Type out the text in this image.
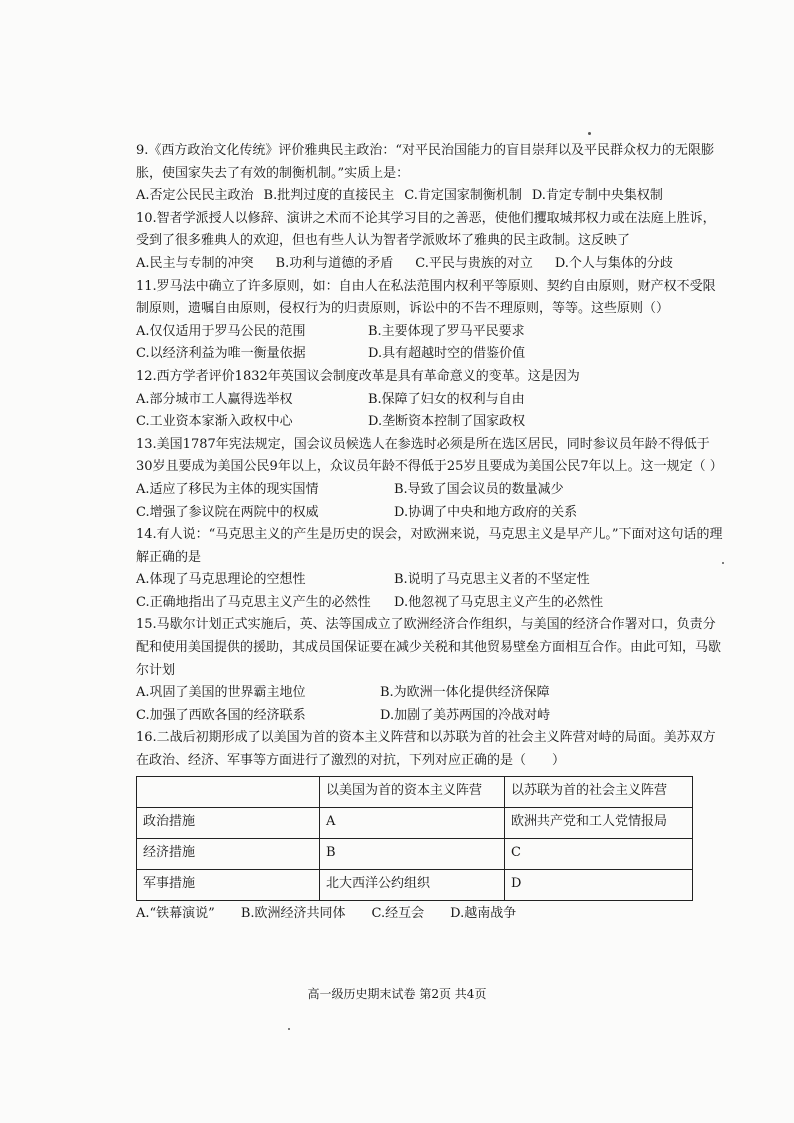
9.《西方政治文化传统》评价雅典民主政治：“对平民治国能力的盲目崇拜以及平民群众权力的无限膨胀，使国家失去了有效的制衡机制。”实质上是：

A.否定公民民主政治 B.批判过度的直接民主 C.肯定国家制衡机制 D.肯定专制中央集权制

10.智者学派授人以修辞、演讲之术而不论其学习目的之善恶，使他们攫取城邦权力或在法庭上胜诉，受到了很多雅典人的欢迎，但也有些人认为智者学派败坏了雅典的民主政制。这反映了

A.民主与专制的冲突 B.功利与道德的矛盾 C.平民与贵族的对立 D.个人与集体的分歧

11.罗马法中确立了许多原则，如：自由人在私法范围内权利平等原则、契约自由原则，财产权不受限制原则，遗嘱自由原则，侵权行为的归责原则，诉讼中的不告不理原则，等等。这些原则（）

A.仅仅适用于罗马公民的范围	B.主要体现了罗马平民要求
C.以经济利益为唯一衡量依据	D.具有超越时空的借鉴价值

12.西方学者评价1832年英国议会制度改革是具有革命意义的变革。这是因为

A.部分城市工人赢得选举权	B.保障了妇女的权利与自由
C.工业资本家渐入政权中心	D.垄断资本控制了国家政权

13.美国1787年宪法规定，国会议员候选人在参选时必须是所在选区居民，同时参议员年龄不得低于30岁且要成为美国公民9年以上，众议员年龄不得低于25岁且要成为美国公民7年以上。这一规定（ ）

A.适应了移民为主体的现实国情	B.导致了国会议员的数量减少
C.增强了参议院在两院中的权威	D.协调了中央和地方政府的关系

14.有人说：“马克思主义的产生是历史的误会，对欧洲来说，马克思主义是早产儿。”下面对这句话的理解正确的是

A.体现了马克思理论的空想性	B.说明了马克思主义者的不坚定性
C.正确地指出了马克思主义产生的必然性	D.他忽视了马克思主义产生的必然性

15.马歇尔计划正式实施后，英、法等国成立了欧洲经济合作组织，与美国的经济合作署对口，负责分配和使用美国提供的援助，其成员国保证要在减少关税和其他贸易壁垒方面相互合作。由此可知，马歇尔计划

A.巩固了美国的世界霸主地位	B.为欧洲一体化提供经济保障
C.加强了西欧各国的经济联系	D.加剧了美苏两国的冷战对峙

16.二战后初期形成了以美国为首的资本主义阵营和以苏联为首的社会主义阵营对峙的局面。美苏双方在政治、经济、军事等方面进行了激烈的对抗，下列对应正确的是（　　）

	以美国为首的资本主义阵营	以苏联为首的社会主义阵营
政治措施	A	欧洲共产党和工人党情报局
经济措施	B	C
军事措施	北大西洋公约组织	D
A.“铁幕演说” B.欧洲经济共同体 C.经互会 D.越南战争
高一级历史期末试卷 第2页 共4页
